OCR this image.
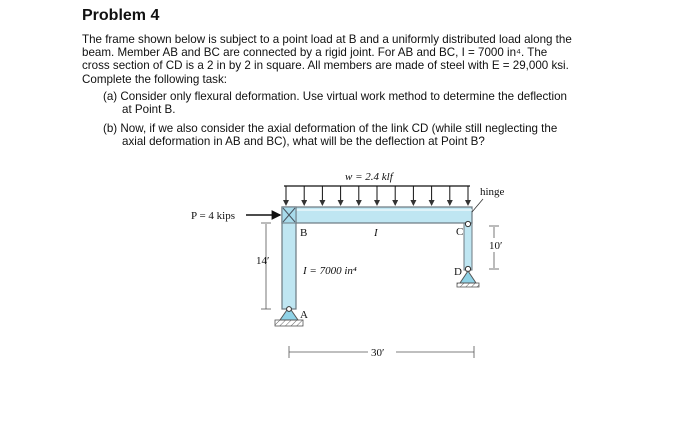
Problem 4

The frame shown below is subject to a point load at B and a uniformly distributed load along the
beam. Member AB and BC are connected by a rigid joint. For AB and BC, I = 7000 in⁴. The
cross section of CD is a 2 in by 2 in square. All members are made of steel with E = 29,000 ksi.

Complete the following task:

(a) Consider only flexural deformation. Use virtual work method to determine the deflection

at Point B.

(b) Now, if we also consider the axial deformation of the link CD (while still neglecting the

axial deformation in AB and BC), what will be the deflection at Point B?

w = 2.4 klf
hinge
P = 4 kips
B	C
D
A
I
I = 7000 in⁴
14′
10′
30′
